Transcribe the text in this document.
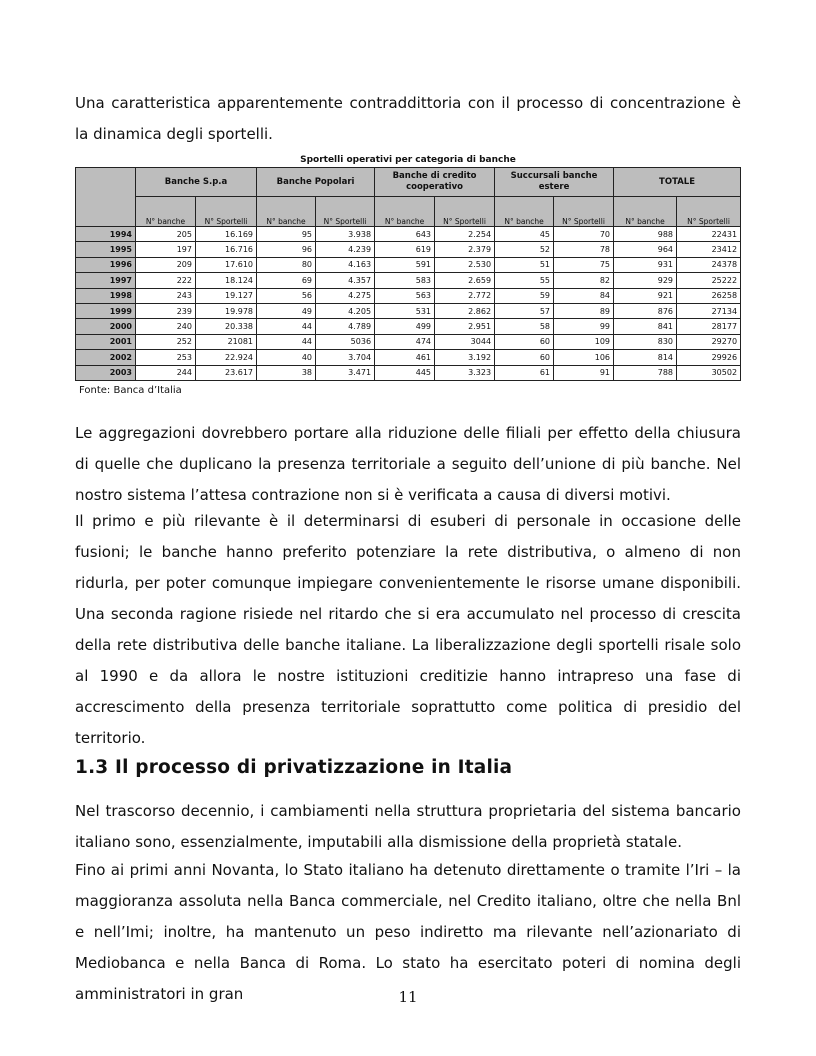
Una caratteristica apparentemente contraddittoria con il processo di concentrazione è la dinamica degli sportelli.

Sportelli operativi per categoria di banche
	Banche S.p.a		Banche Popolari		Banche di credito cooperativo		Succursali banche estere		TOTALE	
	N° banche	N° Sportelli	N° banche	N° Sportelli	N° banche	N° Sportelli	N° banche	N° Sportelli	N° banche	N° Sportelli
1994	205	16.169	95	3.938	643	2.254	45	70	988	22431
1995	197	16.716	96	4.239	619	2.379	52	78	964	23412
1996	209	17.610	80	4.163	591	2.530	51	75	931	24378
1997	222	18.124	69	4.357	583	2.659	55	82	929	25222
1998	243	19.127	56	4.275	563	2.772	59	84	921	26258
1999	239	19.978	49	4.205	531	2.862	57	89	876	27134
2000	240	20.338	44	4.789	499	2.951	58	99	841	28177
2001	252	21081	44	5036	474	3044	60	109	830	29270
2002	253	22.924	40	3.704	461	3.192	60	106	814	29926
2003	244	23.617	38	3.471	445	3.323	61	91	788	30502
Fonte: Banca d’Italia

Le aggregazioni dovrebbero portare alla riduzione delle filiali per effetto della chiusura di quelle che duplicano la presenza territoriale a seguito dell’unione di più banche. Nel nostro sistema l’attesa contrazione non si è verificata a causa di diversi motivi.

Il primo e più rilevante è il determinarsi di esuberi di personale in occasione delle fusioni; le banche hanno preferito potenziare la rete distributiva, o almeno di non ridurla, per poter comunque impiegare convenientemente le risorse umane disponibili. Una seconda ragione risiede nel ritardo che si era accumulato nel processo di crescita della rete distributiva delle banche italiane. La liberalizzazione degli sportelli risale solo al 1990 e da allora le nostre istituzioni creditizie hanno intrapreso una fase di accrescimento della presenza territoriale soprattutto come politica di presidio del territorio.

1.3 Il processo di privatizzazione in Italia

Nel trascorso decennio, i cambiamenti nella struttura proprietaria del sistema bancario italiano sono, essenzialmente, imputabili alla dismissione della proprietà statale.

Fino ai primi anni Novanta, lo Stato italiano ha detenuto direttamente o tramite l’Iri – la maggioranza assoluta nella Banca commerciale, nel Credito italiano, oltre che nella Bnl e nell’Imi; inoltre, ha mantenuto un peso indiretto ma rilevante nell’azionariato di Mediobanca e nella Banca di Roma. Lo stato ha esercitato poteri di nomina degli amministratori in gran	11
